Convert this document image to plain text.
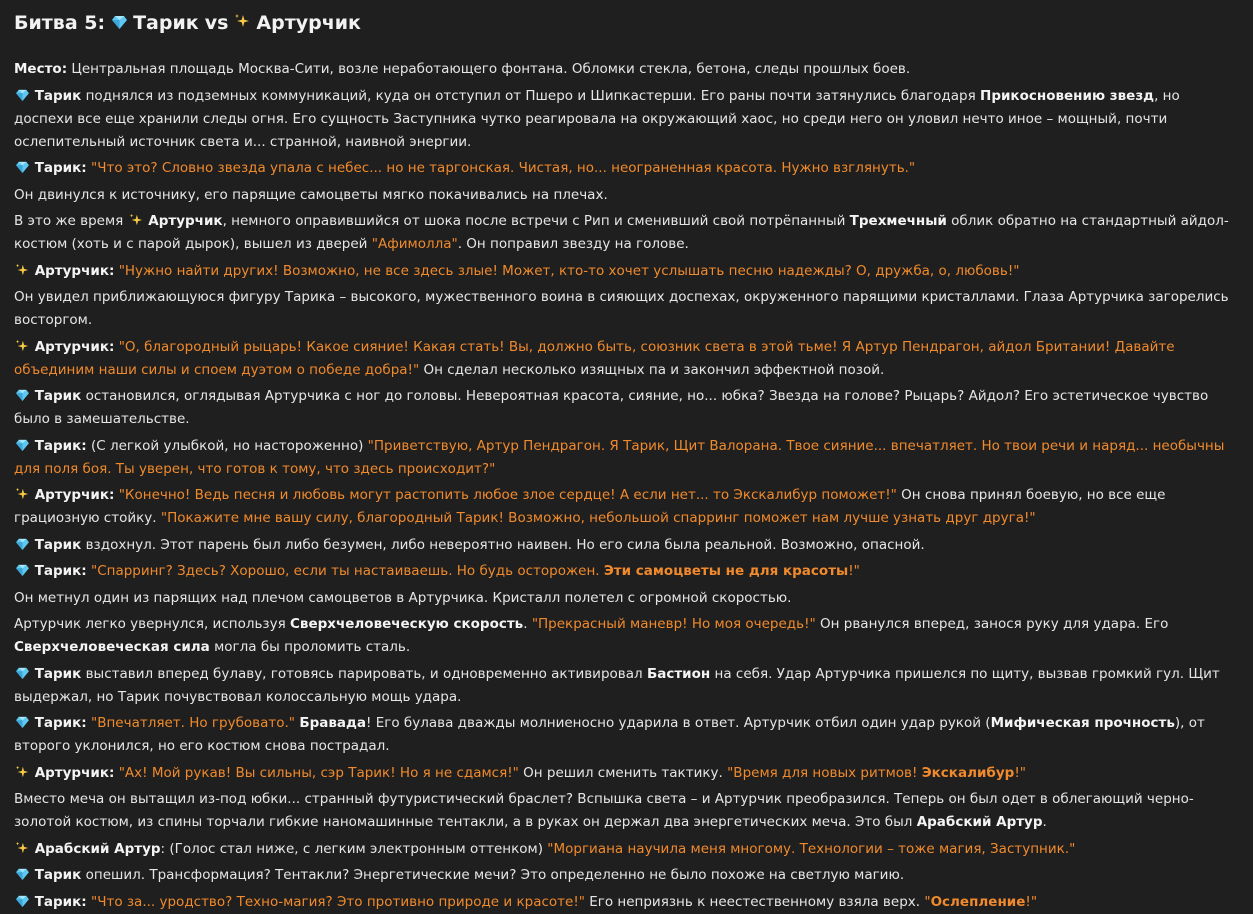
Битва 5: Тарик vs Артурчик
Место: Центральная площадь Москва-Сити, возле неработающего фонтана. Обломки стекла, бетона, следы прошлых боев.
Тарик поднялся из подземных коммуникаций, куда он отступил от Пшеро и Шипкастерши. Его раны почти затянулись благодаря Прикосновению звезд, но доспехи все еще хранили следы огня. Его сущность Заступника чутко реагировала на окружающий хаос, но среди него он уловил нечто иное – мощный, почти ослепительный источник света и... странной, наивной энергии.
Тарик: "Что это? Словно звезда упала с небес... но не таргонская. Чистая, но... неограненная красота. Нужно взглянуть."
Он двинулся к источнику, его парящие самоцветы мягко покачивались на плечах.
В это же время  Артурчик, немного оправившийся от шока после встречи с Рип и сменивший свой потрёпанный Трехмечный облик обратно на стандартный айдол-костюм (хоть и с парой дырок), вышел из дверей "Афимолла". Он поправил звезду на голове.
Артурчик: "Нужно найти других! Возможно, не все здесь злые! Может, кто-то хочет услышать песню надежды? О, дружба, о, любовь!"
Он увидел приближающуюся фигуру Тарика – высокого, мужественного воина в сияющих доспехах, окруженного парящими кристаллами. Глаза Артурчика загорелись восторгом.
Артурчик: "О, благородный рыцарь! Какое сияние! Какая стать! Вы, должно быть, союзник света в этой тьме! Я Артур Пендрагон, айдол Британии! Давайте объединим наши силы и споем дуэтом о победе добра!" Он сделал несколько изящных па и закончил эффектной позой.
Тарик остановился, оглядывая Артурчика с ног до головы. Невероятная красота, сияние, но... юбка? Звезда на голове? Рыцарь? Айдол? Его эстетическое чувство было в замешательстве.
Тарик: (С легкой улыбкой, но настороженно) "Приветствую, Артур Пендрагон. Я Тарик, Щит Валорана. Твое сияние... впечатляет. Но твои речи и наряд... необычны для поля боя. Ты уверен, что готов к тому, что здесь происходит?"
Артурчик: "Конечно! Ведь песня и любовь могут растопить любое злое сердце! А если нет... то Экскалибур поможет!" Он снова принял боевую, но все еще грациозную стойку. "Покажите мне вашу силу, благородный Тарик! Возможно, небольшой спарринг поможет нам лучше узнать друг друга!"
Тарик вздохнул. Этот парень был либо безумен, либо невероятно наивен. Но его сила была реальной. Возможно, опасной.
Тарик: "Спарринг? Здесь? Хорошо, если ты настаиваешь. Но будь осторожен. Эти самоцветы не для красоты!"
Он метнул один из парящих над плечом самоцветов в Артурчика. Кристалл полетел с огромной скоростью.
Артурчик легко увернулся, используя Сверхчеловеческую скорость. "Прекрасный маневр! Но моя очередь!" Он рванулся вперед, занося руку для удара. Его Сверхчеловеческая сила могла бы проломить сталь.
Тарик выставил вперед булаву, готовясь парировать, и одновременно активировал Бастион на себя. Удар Артурчика пришелся по щиту, вызвав громкий гул. Щит выдержал, но Тарик почувствовал колоссальную мощь удара.
Тарик: "Впечатляет. Но грубовато." Бравада! Его булава дважды молниеносно ударила в ответ. Артурчик отбил один удар рукой (Мифическая прочность), от второго уклонился, но его костюм снова пострадал.
Артурчик: "Ах! Мой рукав! Вы сильны, сэр Тарик! Но я не сдамся!" Он решил сменить тактику. "Время для новых ритмов! Экскалибур!"
Вместо меча он вытащил из-под юбки... странный футуристический браслет? Вспышка света – и Артурчик преобразился. Теперь он был одет в облегающий черно-золотой костюм, из спины торчали гибкие наномашинные тентакли, а в руках он держал два энергетических меча. Это был Арабский Артур.
Арабский Артур: (Голос стал ниже, с легким электронным оттенком) "Моргиана научила меня многому. Технологии – тоже магия, Заступник."
Тарик опешил. Трансформация? Тентакли? Энергетические мечи? Это определенно не было похоже на светлую магию.
Тарик: "Что за... уродство? Техно-магия? Это противно природе и красоте!" Его неприязнь к неестественному взяла верх. "Ослепление!"
